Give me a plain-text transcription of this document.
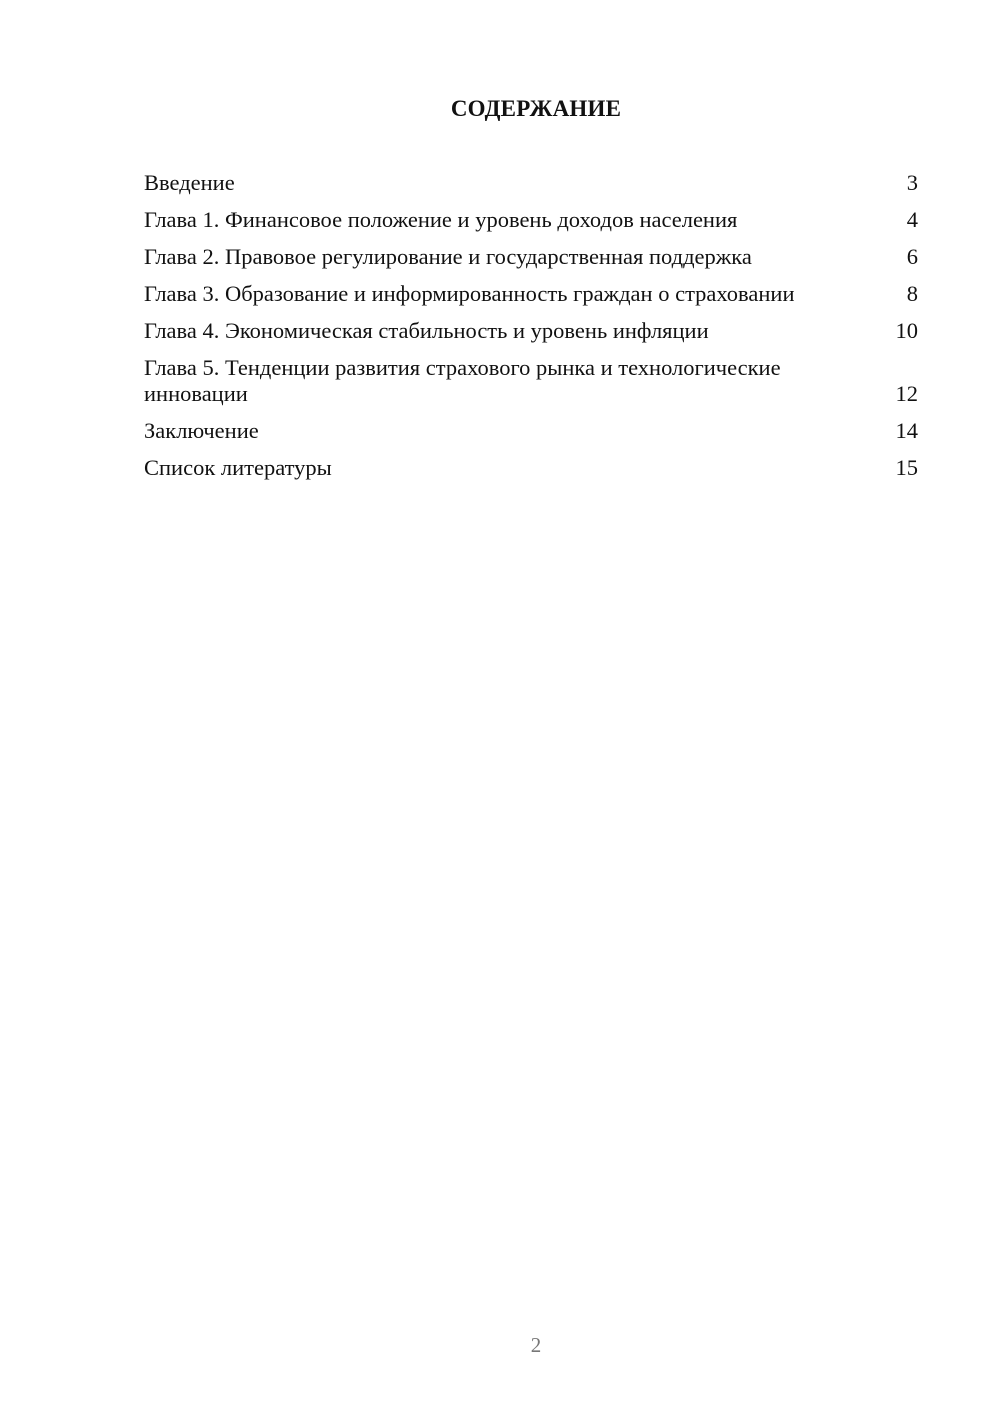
СОДЕРЖАНИЕ
Введение	3
Глава 1. Финансовое положение и уровень доходов населения	4
Глава 2. Правовое регулирование и государственная поддержка	6
Глава 3. Образование и информированность граждан о страховании	8
Глава 4. Экономическая стабильность и уровень инфляции	10
Глава 5. Тенденции развития страхового рынка и технологические инновации	12
Заключение	14
Список литературы	15
2
